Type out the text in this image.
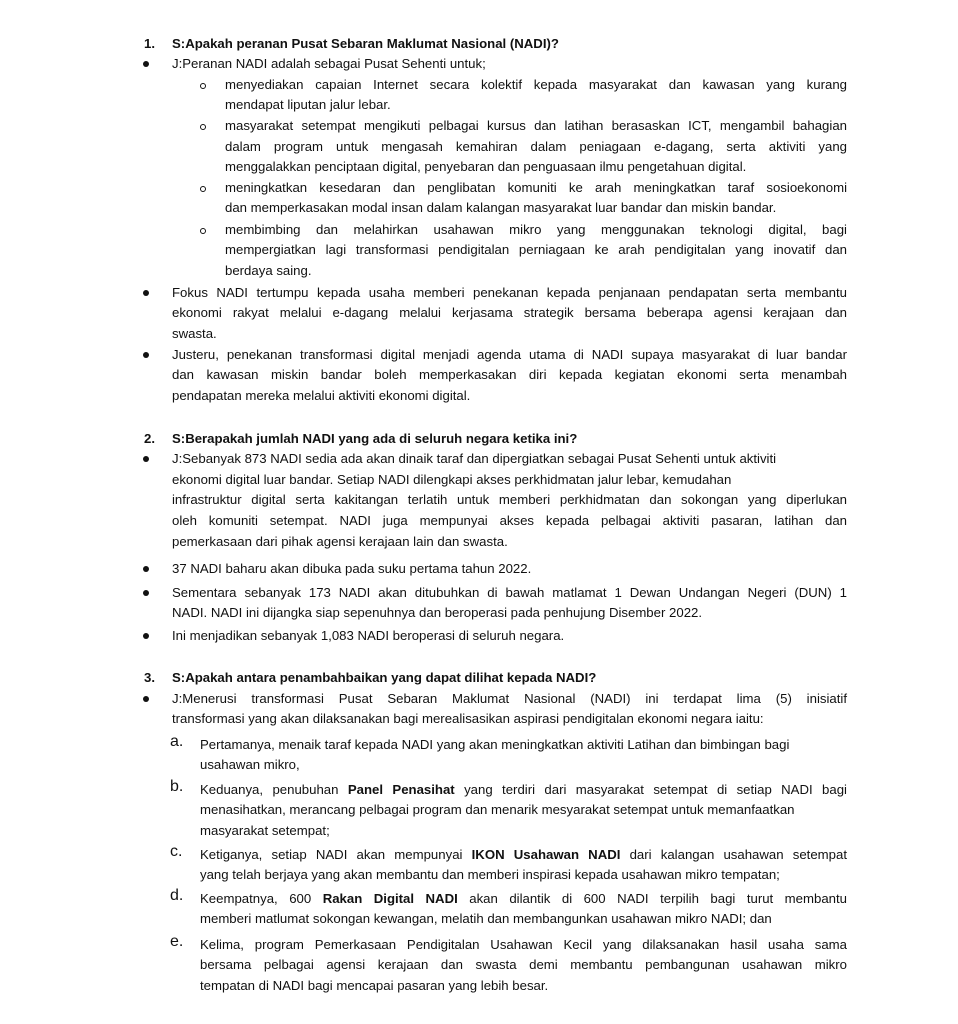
1. S:Apakah peranan Pusat Sebaran Maklumat Nasional (NADI)?
J:Peranan NADI adalah sebagai Pusat Sehenti untuk;
menyediakan capaian Internet secara kolektif kepada masyarakat dan kawasan yang kurang
mendapat liputan jalur lebar.
masyarakat setempat mengikuti pelbagai kursus dan latihan berasaskan ICT, mengambil bahagian
dalam program untuk mengasah kemahiran dalam peniagaan e-dagang, serta aktiviti yang
menggalakkan penciptaan digital, penyebaran dan penguasaan ilmu pengetahuan digital.
meningkatkan kesedaran dan penglibatan komuniti ke arah meningkatkan taraf sosioekonomi
dan memperkasakan modal insan dalam kalangan masyarakat luar bandar dan miskin bandar.
membimbing dan melahirkan usahawan mikro yang menggunakan teknologi digital, bagi
mempergiatkan lagi transformasi pendigitalan perniagaan ke arah pendigitalan yang inovatif dan
berdaya saing.
Fokus NADI tertumpu kepada usaha memberi penekanan kepada penjanaan pendapatan serta membantu
ekonomi rakyat melalui e-dagang melalui kerjasama strategik bersama beberapa agensi kerajaan dan
swasta.
Justeru, penekanan transformasi digital menjadi agenda utama di NADI supaya masyarakat di luar bandar
dan kawasan miskin bandar boleh memperkasakan diri kepada kegiatan ekonomi serta menambah
pendapatan mereka melalui aktiviti ekonomi digital.
2. S:Berapakah jumlah NADI yang ada di seluruh negara ketika ini?
J:Sebanyak 873 NADI sedia ada akan dinaik taraf dan dipergiatkan sebagai Pusat Sehenti untuk aktiviti
ekonomi digital luar bandar. Setiap NADI dilengkapi akses perkhidmatan jalur lebar, kemudahan
infrastruktur digital serta kakitangan terlatih untuk memberi perkhidmatan dan sokongan yang diperlukan
oleh komuniti setempat. NADI juga mempunyai akses kepada pelbagai aktiviti pasaran, latihan dan
pemerkasaan dari pihak agensi kerajaan lain dan swasta.
37 NADI baharu akan dibuka pada suku pertama tahun 2022.
Sementara sebanyak 173 NADI akan ditubuhkan di bawah matlamat 1 Dewan Undangan Negeri (DUN) 1
NADI. NADI ini dijangka siap sepenuhnya dan beroperasi pada penhujung Disember 2022.
Ini menjadikan sebanyak 1,083 NADI beroperasi di seluruh negara.
3. S:Apakah antara penambahbaikan yang dapat dilihat kepada NADI?
J:Menerusi transformasi Pusat Sebaran Maklumat Nasional (NADI) ini terdapat lima (5) inisiatif
transformasi yang akan dilaksanakan bagi merealisasikan aspirasi pendigitalan ekonomi negara iaitu:
a. Pertamanya, menaik taraf kepada NADI yang akan meningkatkan aktiviti Latihan dan bimbingan bagi
usahawan mikro,
b. Keduanya, penubuhan Panel Penasihat yang terdiri dari masyarakat setempat di setiap NADI bagi
menasihatkan, merancang pelbagai program dan menarik mesyarakat setempat untuk memanfaatkan
masyarakat setempat;
c. Ketiganya, setiap NADI akan mempunyai IKON Usahawan NADI dari kalangan usahawan setempat
yang telah berjaya yang akan membantu dan memberi inspirasi kepada usahawan mikro tempatan;
d. Keempatnya, 600 Rakan Digital NADI akan dilantik di 600 NADI terpilih bagi turut membantu
memberi matlumat sokongan kewangan, melatih dan membangunkan usahawan mikro NADI; dan
e. Kelima, program Pemerkasaan Pendigitalan Usahawan Kecil yang dilaksanakan hasil usaha sama
bersama pelbagai agensi kerajaan dan swasta demi membantu pembangunan usahawan mikro
tempatan di NADI bagi mencapai pasaran yang lebih besar.
